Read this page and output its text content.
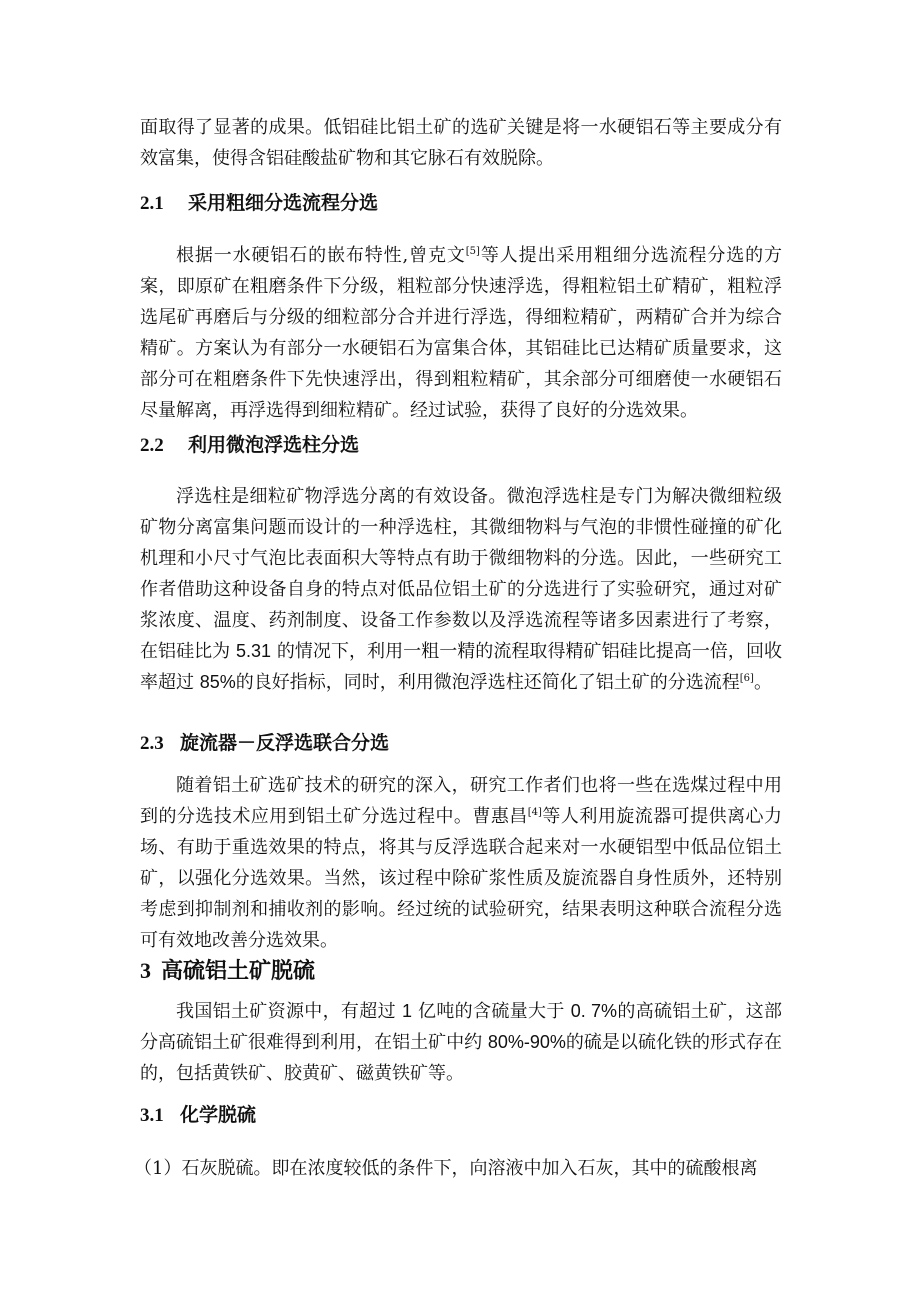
面取得了显著的成果。低铝硅比铝土矿的选矿关键是将一水硬铝石等主要成分有效富集，使得含铝硅酸盐矿物和其它脉石有效脱除。

2.1 采用粗细分选流程分选

根据一水硬铝石的嵌布特性,曾克文[5]等人提出采用粗细分选流程分选的方案，即原矿在粗磨条件下分级，粗粒部分快速浮选，得粗粒铝土矿精矿，粗粒浮选尾矿再磨后与分级的细粒部分合并进行浮选，得细粒精矿，两精矿合并为综合精矿。方案认为有部分一水硬铝石为富集合体，其铝硅比已达精矿质量要求，这部分可在粗磨条件下先快速浮出，得到粗粒精矿，其余部分可细磨使一水硬铝石尽量解离，再浮选得到细粒精矿。经过试验，获得了良好的分选效果。

2.2 利用微泡浮选柱分选

浮选柱是细粒矿物浮选分离的有效设备。微泡浮选柱是专门为解决微细粒级矿物分离富集问题而设计的一种浮选柱，其微细物料与气泡的非惯性碰撞的矿化机理和小尺寸气泡比表面积大等特点有助于微细物料的分选。因此，一些研究工作者借助这种设备自身的特点对低品位铝土矿的分选进行了实验研究，通过对矿浆浓度、温度、药剂制度、设备工作参数以及浮选流程等诸多因素进行了考察，在铝硅比为 5.31 的情况下，利用一粗一精的流程取得精矿铝硅比提高一倍，回收率超过 85%的良好指标，同时，利用微泡浮选柱还简化了铝土矿的分选流程[6]。

2.3 旋流器－反浮选联合分选

随着铝土矿选矿技术的研究的深入，研究工作者们也将一些在选煤过程中用到的分选技术应用到铝土矿分选过程中。曹惠昌[4]等人利用旋流器可提供离心力场、有助于重选效果的特点，将其与反浮选联合起来对一水硬铝型中低品位铝土矿，以强化分选效果。当然，该过程中除矿浆性质及旋流器自身性质外，还特别考虑到抑制剂和捕收剂的影响。经过统的试验研究，结果表明这种联合流程分选可有效地改善分选效果。

3 高硫铝土矿脱硫

我国铝土矿资源中，有超过 1 亿吨的含硫量大于 0. 7%的高硫铝土矿，这部分高硫铝土矿很难得到利用，在铝土矿中约 80%-90%的硫是以硫化铁的形式存在的，包括黄铁矿、胶黄矿、磁黄铁矿等。

3.1 化学脱硫

（1）石灰脱硫。即在浓度较低的条件下，向溶液中加入石灰，其中的硫酸根离
